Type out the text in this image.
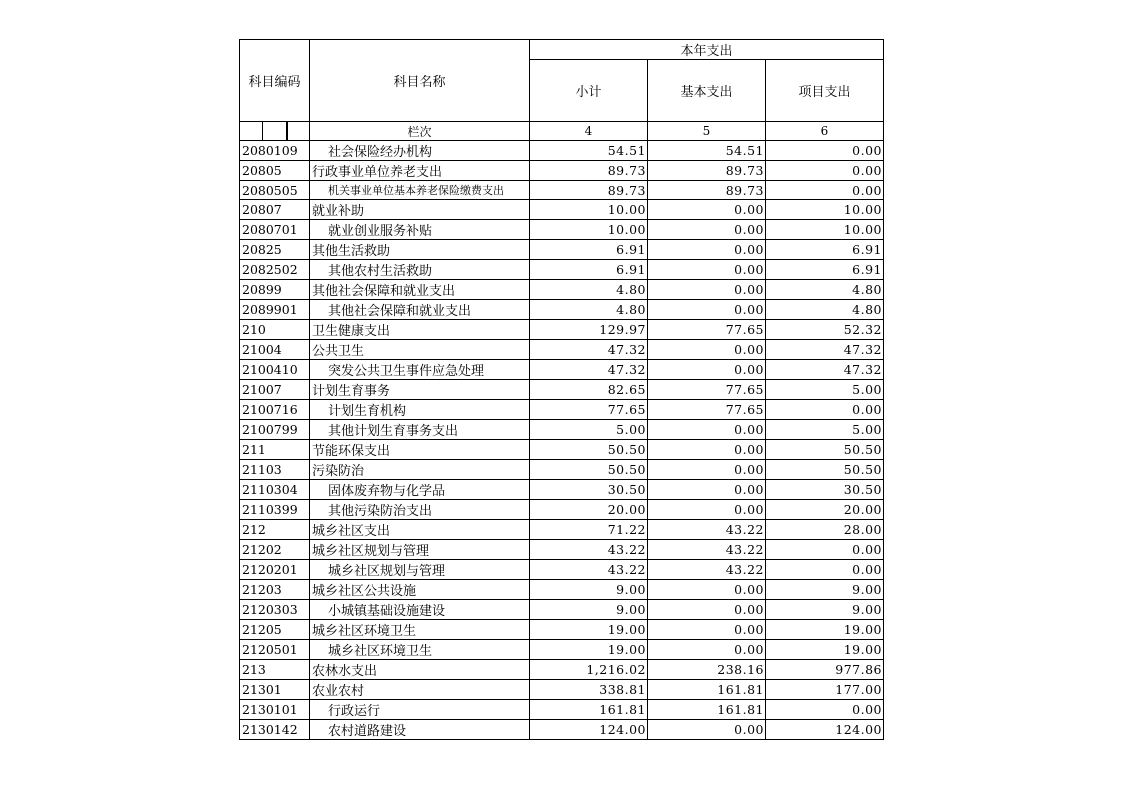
科目编码	科目名称	本年支出		
		小计	基本支出	项目支出

	栏次	4	5	6
2080109	社会保险经办机构	54.51	54.51	0.00
20805	行政事业单位养老支出	89.73	89.73	0.00
2080505	机关事业单位基本养老保险缴费支出	89.73	89.73	0.00
20807	就业补助	10.00	0.00	10.00
2080701	就业创业服务补贴	10.00	0.00	10.00
20825	其他生活救助	6.91	0.00	6.91
2082502	其他农村生活救助	6.91	0.00	6.91
20899	其他社会保障和就业支出	4.80	0.00	4.80
2089901	其他社会保障和就业支出	4.80	0.00	4.80
210	卫生健康支出	129.97	77.65	52.32
21004	公共卫生	47.32	0.00	47.32
2100410	突发公共卫生事件应急处理	47.32	0.00	47.32
21007	计划生育事务	82.65	77.65	5.00
2100716	计划生育机构	77.65	77.65	0.00
2100799	其他计划生育事务支出	5.00	0.00	5.00
211	节能环保支出	50.50	0.00	50.50
21103	污染防治	50.50	0.00	50.50
2110304	固体废弃物与化学品	30.50	0.00	30.50
2110399	其他污染防治支出	20.00	0.00	20.00
212	城乡社区支出	71.22	43.22	28.00
21202	城乡社区规划与管理	43.22	43.22	0.00
2120201	城乡社区规划与管理	43.22	43.22	0.00
21203	城乡社区公共设施	9.00	0.00	9.00
2120303	小城镇基础设施建设	9.00	0.00	9.00
21205	城乡社区环境卫生	19.00	0.00	19.00
2120501	城乡社区环境卫生	19.00	0.00	19.00
213	农林水支出	1,216.02	238.16	977.86
21301	农业农村	338.81	161.81	177.00
2130101	行政运行	161.81	161.81	0.00
2130142	农村道路建设	124.00	0.00	124.00
